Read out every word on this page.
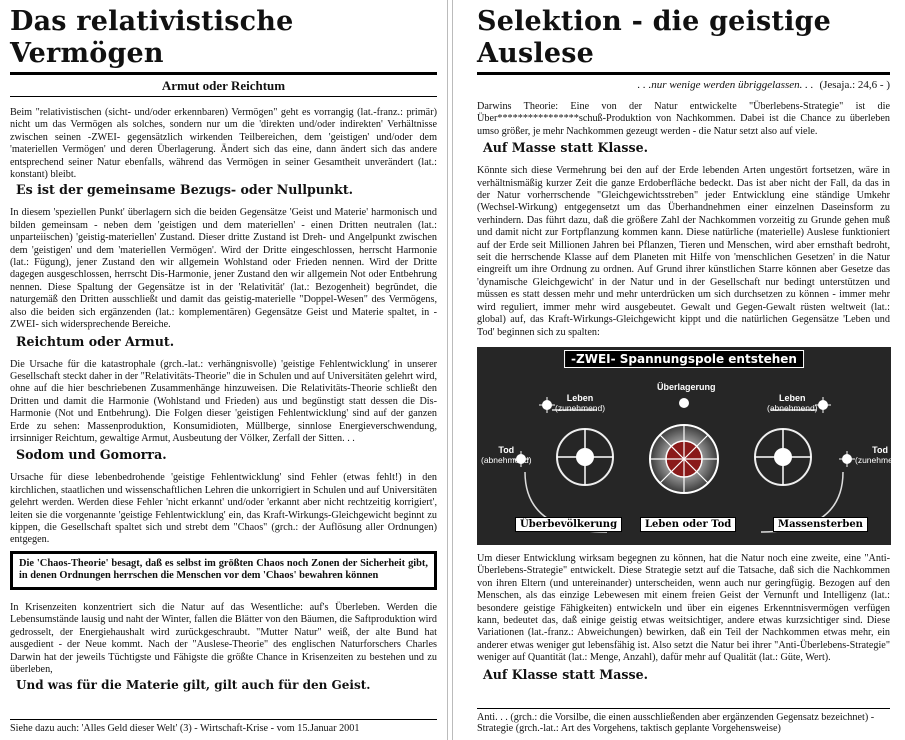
Das relativistische Vermögen
Armut oder Reichtum

Beim "relativistischen (sicht- und/oder erkennbaren) Vermögen" geht es vorrangig (lat.-franz.: primär) nicht um das Vermögen als solches, sondern nur um die 'direkten und/oder indirekten' Verhältnisse zwischen seinen -ZWEI- gegensätzlich wirkenden Teilbereichen, dem 'geistigen' und/oder dem 'materiellen Vermögen' und deren Überlagerung. Ändert sich das eine, dann ändert sich das andere entsprechend seiner Natur ebenfalls, während das Vermögen in seiner Gesamtheit unverändert (lat.: konstant) bleibt.

Es ist der gemeinsame Bezugs- oder Nullpunkt.

In diesem 'speziellen Punkt' überlagern sich die beiden Gegensätze 'Geist und Materie' harmonisch und bilden gemeinsam - neben dem 'geistigen und dem materiellen' - einen Dritten neutralen (lat.: unparteiischen) 'geistig-materiellen' Zustand. Dieser dritte Zustand ist Dreh- und Angelpunkt zwischen dem 'geistigen' und dem 'materiellen Vermögen'. Wird der Dritte eingeschlossen, herrscht Harmonie (lat.: Fügung), jener Zustand den wir allgemein Wohlstand oder Frieden nennen. Wird der Dritte dagegen ausgeschlossen, herrscht Dis-Harmonie, jener Zustand den wir allgemein Not oder Entbehrung nennen. Diese Spaltung der Gegensätze ist in der 'Relativität' (lat.: Bezogenheit) begründet, die naturgemäß den Dritten ausschließt und damit das geistig-materielle "Doppel-Wesen" des Vermögens, also die beiden sich ergänzenden (lat.: komplementären) Gegensätze Geist und Materie spaltet, in -ZWEI- sich widersprechende Bereiche.

Reichtum oder Armut.

Die Ursache für die katastrophale (grch.-lat.: verhängnisvolle) 'geistige Fehlentwicklung' in unserer Gesellschaft steckt daher in der "Relativitäts-Theorie" die in Schulen und auf Universitäten gelehrt wird, ohne auf die hier beschriebenen Zusammenhänge hinzuweisen. Die Relativitäts-Theorie schließt den Dritten und damit die Harmonie (Wohlstand und Frieden) aus und begünstigt statt dessen die Dis-Harmonie (Not und Entbehrung). Die Folgen dieser 'geistigen Fehlentwicklung' sind auf der ganzen Erde zu sehen: Massenproduktion, Konsumidioten, Müllberge, sinnlose Energieverschwendung, irrsinniger Reichtum, gewaltige Armut, Ausbeutung der Völker, Zerfall der Sitten. . .

Sodom und Gomorra.

Ursache für diese lebenbedrohende 'geistige Fehlentwicklung' sind Fehler (etwas fehlt!) in den kirchlichen, staatlichen und wissenschaftlichen Lehren die unkorrigiert in Schulen und auf Universitäten gelehrt werden. Werden diese Fehler 'nicht erkannt' und/oder 'erkannt aber nicht rechtzeitig korrigiert', leiten sie die vorgenannte 'geistige Fehlentwicklung' ein, das Kraft-Wirkungs-Gleichgewicht beginnt zu kippen, die Gesellschaft spaltet sich und strebt dem "Chaos" (grch.: der Auflösung aller Ordnungen) entgegen.

Die 'Chaos-Theorie' besagt, daß es selbst im größten Chaos noch Zonen der Sicherheit gibt, in denen Ordnungen herrschen die Menschen vor dem 'Chaos' bewahren können

In Krisenzeiten konzentriert sich die Natur auf das Wesentliche: auf's Überleben. Werden die Lebensumstände lausig und naht der Winter, fallen die Blätter von den Bäumen, die Saftproduktion wird gedrosselt, der Energiehaushalt wird zurückgeschraubt. "Mutter Natur" weiß, der alte Bund hat ausgedient - der Neue kommt. Nach der "Auslese-Theorie" des englischen Naturforschers Charles Darwin hat der jeweils Tüchtigste und Fähigste die größte Chance in Krisenzeiten zu bestehen und zu überleben,

Und was für die Materie gilt, gilt auch für den Geist.
Siehe dazu auch: 'Alles Geld dieser Welt' (3) - Wirtschaft-Krise - vom 15.Januar 2001
Selektion - die geistige Auslese
. . .nur wenige werden übriggelassen. . . (Jesaja.: 24,6 - )

Darwins Theorie: Eine von der Natur entwickelte "Überlebens-Strategie" ist die Über****************schuß-Produktion von Nachkommen. Dabei ist die Chance zu überleben umso größer, je mehr Nachkommen gezeugt werden - die Natur setzt also auf viele.

Auf Masse statt Klasse.

Könnte sich diese Vermehrung bei den auf der Erde lebenden Arten ungestört fortsetzen, wäre in verhältnismäßig kurzer Zeit die ganze Erdoberfläche bedeckt. Das ist aber nicht der Fall, da das in der Natur vorherrschende "Gleichgewichtsstreben" jeder Entwicklung eine ständige Umkehr (Wechsel-Wirkung) entgegensetzt um das Überhandnehmen einer einzelnen Daseinsform zu verhindern. Das führt dazu, daß die größere Zahl der Nachkommen vorzeitig zu Grunde gehen muß und damit nicht zur Fortpflanzung kommen kann. Diese natürliche (materielle) Auslese funktioniert auf der Erde seit Millionen Jahren bei Pflanzen, Tieren und Menschen, wird aber ernsthaft bedroht, seit die herrschende Klasse auf dem Planeten mit Hilfe von 'menschlichen Gesetzen' in die Natur eingreift um ihre Ordnung zu ordnen. Auf Grund ihrer künstlichen Starre können aber Gesetze das 'dynamische Gleichgewicht' in der Natur und in der Gesellschaft nur bedingt unterstützen und müssen es statt dessen mehr und mehr unterdrücken um sich durchsetzen zu können - immer mehr wird reguliert, immer mehr wird ausgebeutet. Gewalt und Gegen-Gewalt rüsten weltweit (lat.: global) auf, das Kraft-Wirkungs-Gleichgewicht kippt und die natürlichen Gegensätze 'Leben und Tod' beginnen sich zu spalten:

-ZWEI- Spannungspole entstehen
Leben
(zunehmend)
Leben
(abnehmend)
Überlagerung
Tod
(abnehmend)
Tod
(zunehmend)
Überbevölkerung	Leben oder Tod	Massensterben

Um dieser Entwicklung wirksam begegnen zu können, hat die Natur noch eine zweite, eine "Anti-Überlebens-Strategie" entwickelt. Diese Strategie setzt auf die Tatsache, daß sich die Nachkommen von ihren Eltern (und untereinander) unterscheiden, wenn auch nur geringfügig. Bezogen auf den Menschen, als das einzige Lebewesen mit einem freien Geist der Vernunft und Intelligenz (lat.: besondere geistige Fähigkeiten) entwickeln und über ein eigenes Erkenntnisvermögen verfügen kann, bedeutet das, daß einige geistig etwas weitsichtiger, andere etwas kurzsichtiger sind. Diese Variationen (lat.-franz.: Abweichungen) bewirken, daß ein Teil der Nachkommen etwas mehr, ein anderer etwas weniger gut lebensfähig ist. Also setzt die Natur bei ihrer "Anti-Überlebens-Strategie" weniger auf Quantität (lat.: Menge, Anzahl), dafür mehr auf Qualität (lat.: Güte, Wert).

Auf Klasse statt Masse.
Anti. . . (grch.: die Vorsilbe, die einen ausschließenden aber ergänzenden Gegensatz bezeichnet) - Strategie (grch.-lat.: Art des Vorgehens, taktisch geplante Vorgehensweise)
